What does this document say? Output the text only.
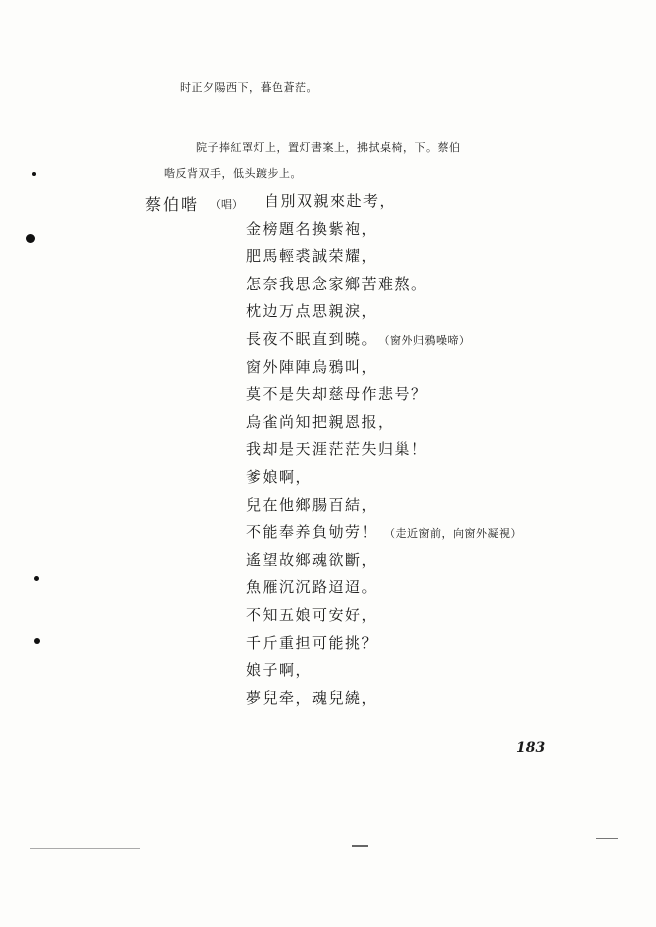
时正夕陽西下，暮色蒼茫。
院子捧紅罩灯上，置灯書案上，拂拭桌椅，下。蔡伯
喈反背双手，低头踱步上。
蔡伯喈 （唱） 自別双親來赴考，
金榜題名換紫袍，
肥馬輕裘誠荣耀，
怎奈我思念家鄉苦难熬。
枕边万点思親淚，
長夜不眠直到曉。 （窗外归鴉噪啼）
窗外陣陣烏鴉叫，
莫不是失却慈母作悲号？
烏雀尚知把親恩报，
我却是天涯茫茫失归巢！
爹娘啊，
兒在他鄉腸百結，
不能奉养負劬劳！ （走近窗前，向窗外凝視）
遙望故鄉魂欲斷，
魚雁沉沉路迢迢。
不知五娘可安好，
千斤重担可能挑？
娘子啊，
夢兒牵，魂兒繞，
183
